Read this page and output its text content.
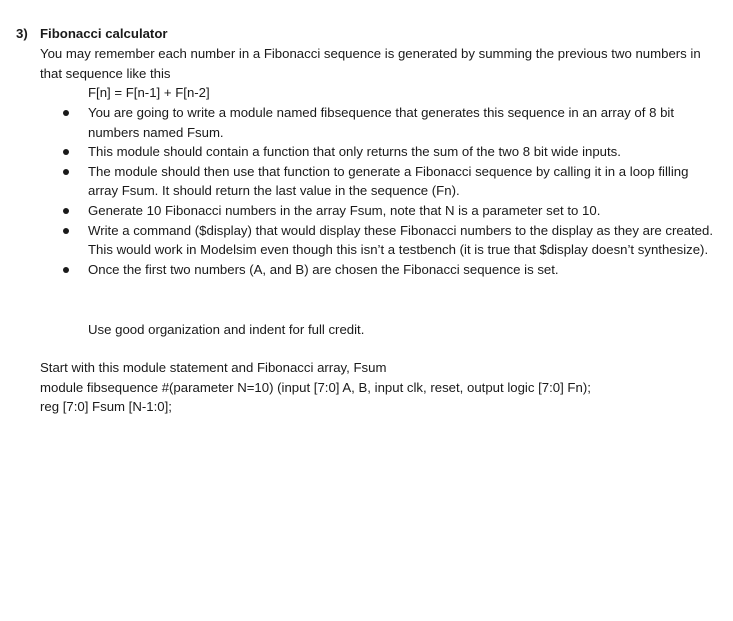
3) Fibonacci calculator
You may remember each number in a Fibonacci sequence is generated by summing the previous two numbers in that sequence like this
F[n] = F[n-1] + F[n-2]
You are going to write a module named fibsequence that generates this sequence in an array of 8 bit numbers named Fsum.
This module should contain a function that only returns the sum of the two 8 bit wide inputs.
The module should then use that function to generate a Fibonacci sequence by calling it in a loop filling array Fsum. It should return the last value in the sequence (Fn).
Generate 10 Fibonacci numbers in the array Fsum, note that N is a parameter set to 10.
Write a command ($display) that would display these Fibonacci numbers to the display as they are created. This would work in Modelsim even though this isn’t a testbench (it is true that $display doesn’t synthesize).
Once the first two numbers (A, and B) are chosen the Fibonacci sequence is set.
Use good organization and indent for full credit.
Start with this module statement and Fibonacci array, Fsum
module fibsequence #(parameter N=10) (input [7:0] A, B, input clk, reset, output logic [7:0] Fn);
reg [7:0] Fsum [N-1:0];
